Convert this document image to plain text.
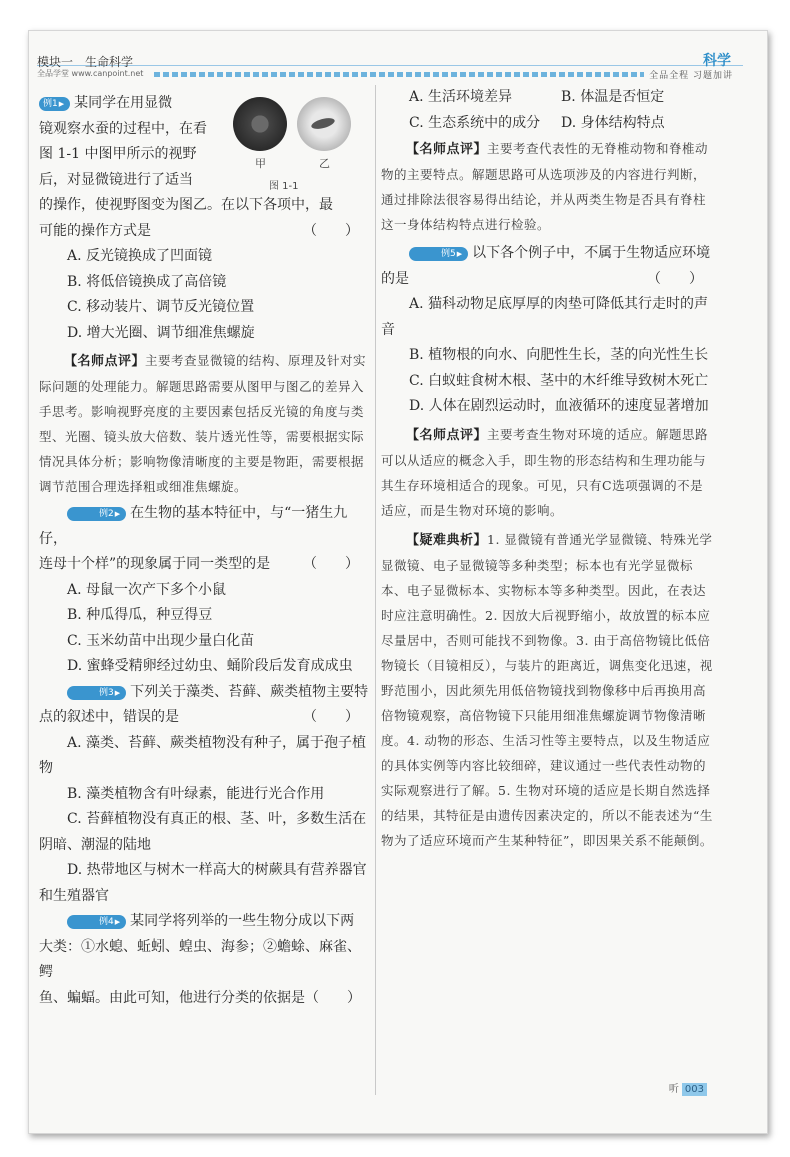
模块一　生命科学
全品学堂 www.canpoint.net
科学
全品全程 习题加讲
甲	乙
图 1-1

例1 ▶ 某同学在用显微

镜观察水蚕的过程中，在看

图 1-1 中图甲所示的视野

后，对显微镜进行了适当

的操作，使视野图变为图乙。在以下各项中，最

可能的操作方式是	（　　）

A. 反光镜换成了凹面镜

B. 将低倍镜换成了高倍镜

C. 移动装片、调节反光镜位置

D. 增大光圈、调节细准焦螺旋

【名师点评】主要考查显微镜的结构、原理及针对实际问题的处理能力。解题思路需要从图甲与图乙的差异入手思考。影响视野亮度的主要因素包括反光镜的角度与类型、光圈、镜头放大倍数、装片透光性等，需要根据实际情况具体分析；影响物像清晰度的主要是物距，需要根据调节范围合理选择粗或细准焦螺旋。

例2 ▶ 在生物的基本特征中，与“一猪生九仔，

连母十个样”的现象属于同一类型的是 （　　）

A. 母鼠一次产下多个小鼠

B. 种瓜得瓜，种豆得豆

C. 玉米幼苗中出现少量白化苗

D. 蜜蜂受精卵经过幼虫、蛹阶段后发育成成虫

例3 ▶ 下列关于藻类、苔藓、蕨类植物主要特

点的叙述中，错误的是	（　　）

A. 藻类、苔藓、蕨类植物没有种子，属于孢子植物

B. 藻类植物含有叶绿素，能进行光合作用

C. 苔藓植物没有真正的根、茎、叶，多数生活在阴暗、潮湿的陆地

D. 热带地区与树木一样高大的树蕨具有营养器官和生殖器官

例4 ▶ 某同学将列举的一些生物分成以下两

大类：①水螅、蚯蚓、蝗虫、海参；②蟾蜍、麻雀、鳄

鱼、蝙蝠。由此可知，他进行分类的依据是（　　）

A. 生活环境差异	B. 体温是否恒定

C. 生态系统中的成分	D. 身体结构特点

【名师点评】主要考查代表性的无脊椎动物和脊椎动物的主要特点。解题思路可从选项涉及的内容进行判断，通过排除法很容易得出结论，并从两类生物是否具有脊柱这一身体结构特点进行检验。

例5 ▶ 以下各个例子中，不属于生物适应环境

的是	（　　）

A. 猫科动物足底厚厚的肉垫可降低其行走时的声音

B. 植物根的向水、向肥性生长，茎的向光性生长

C. 白蚁蛀食树木根、茎中的木纤维导致树木死亡

D. 人体在剧烈运动时，血液循环的速度显著增加

【名师点评】主要考查生物对环境的适应。解题思路可以从适应的概念入手，即生物的形态结构和生理功能与其生存环境相适合的现象。可见，只有C选项强调的不是适应，而是生物对环境的影响。

【疑难典析】1. 显微镜有普通光学显微镜、特殊光学显微镜、电子显微镜等多种类型；标本也有光学显微标本、电子显微标本、实物标本等多种类型。因此，在表达时应注意明确性。2. 因放大后视野缩小，故放置的标本应尽量居中，否则可能找不到物像。3. 由于高倍物镜比低倍物镜长（目镜相反），与装片的距离近，调焦变化迅速，视野范围小，因此须先用低倍物镜找到物像移中后再换用高倍物镜观察，高倍物镜下只能用细准焦螺旋调节物像清晰度。4. 动物的形态、生活习性等主要特点，以及生物适应的具体实例等内容比较细碎，建议通过一些代表性动物的实际观察进行了解。5. 生物对环境的适应是长期自然选择的结果，其特征是由遗传因素决定的，所以不能表述为“生物为了适应环境而产生某种特征”，即因果关系不能颠倒。

听 003
